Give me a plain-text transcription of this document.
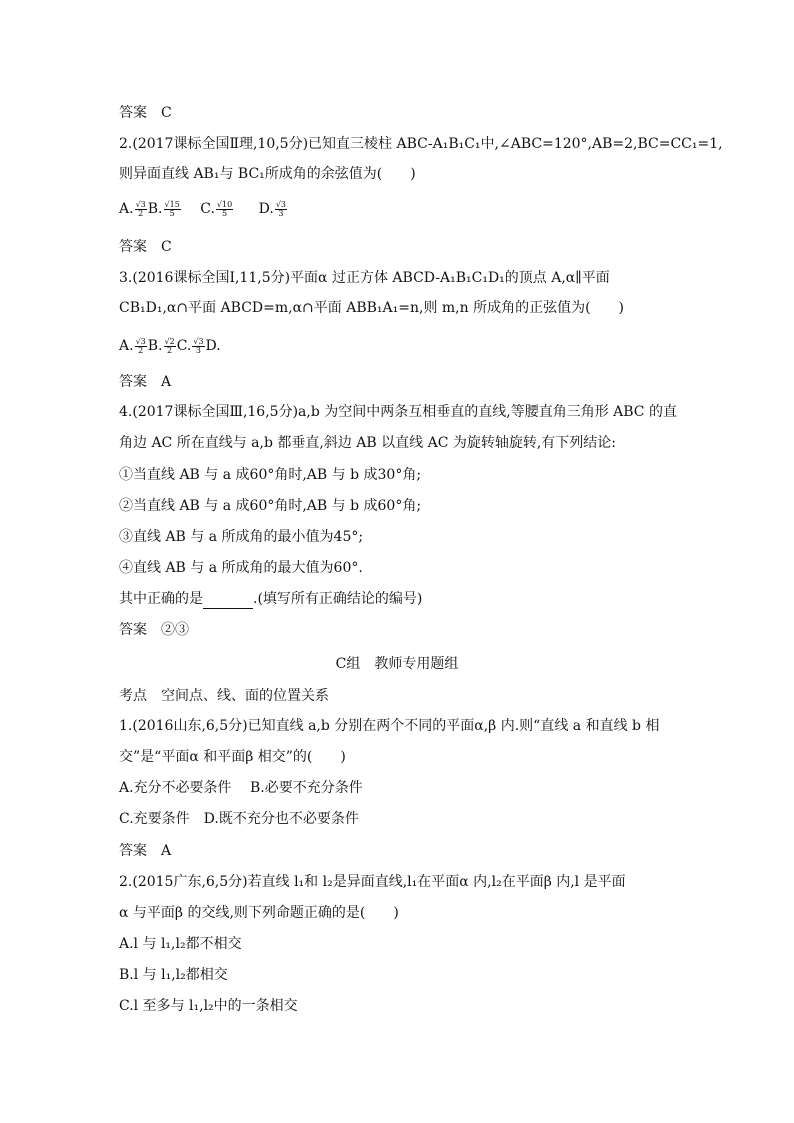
答案　C
2.(2017课标全国Ⅱ理,10,5分)已知直三棱柱 ABC-A₁B₁C₁中,∠ABC=120°,AB=2,BC=CC₁=1,
则异面直线 AB₁与 BC₁所成角的余弦值为(　　)
A. $\frac{√3}{2} B$. $\frac{√15}{5} C$. $\frac{√10}{5} D$. $\frac{√3}{3}$
答案　C
3.(2016课标全国Ⅰ,11,5分)平面α 过正方体 ABCD-A₁B₁C₁D₁的顶点 A,α∥平面
CB₁D₁,α∩平面 ABCD=m,α∩平面 ABB₁A₁=n,则 m,n 所成角的正弦值为(　　)
A. $\frac{√3}{2} B$. $\frac{√2}{2} C$. $\frac{√3}{3} D$.
答案　A
4.(2017课标全国Ⅲ,16,5分)a,b 为空间中两条互相垂直的直线,等腰直角三角形 ABC 的直
角边 AC 所在直线与 a,b 都垂直,斜边 AB 以直线 AC 为旋转轴旋转,有下列结论:
①当直线 AB 与 a 成60°角时,AB 与 b 成30°角;
②当直线 AB 与 a 成60°角时,AB 与 b 成60°角;
③直线 AB 与 a 所成角的最小值为45°;
④直线 AB 与 a 所成角的最大值为60°.
其中正确的是	.(填写所有正确结论的编号)
答案　②③
C组　教师专用题组
考点　空间点、线、面的位置关系
1.(2016山东,6,5分)已知直线 a,b 分别在两个不同的平面α,β 内.则“直线 a 和直线 b 相
交”是“平面α 和平面β 相交”的(　　)
A.充分不必要条件　 B.必要不充分条件
C.充要条件　D.既不充分也不必要条件
答案　A
2.(2015广东,6,5分)若直线 l₁和 l₂是异面直线,l₁在平面α 内,l₂在平面β 内,l 是平面
α 与平面β 的交线,则下列命题正确的是(　　)
A.l 与 l₁,l₂都不相交
B.l 与 l₁,l₂都相交
C.l 至多与 l₁,l₂中的一条相交
